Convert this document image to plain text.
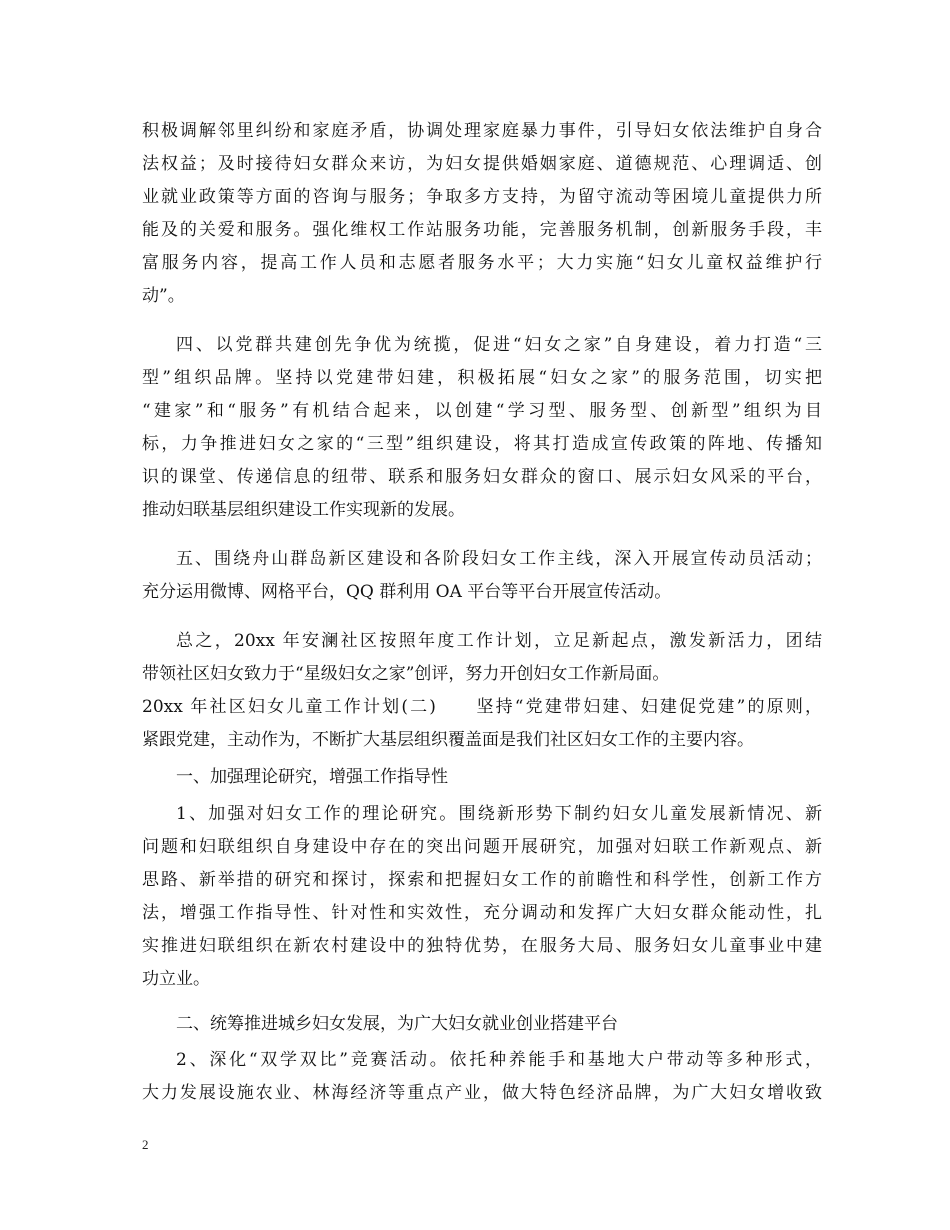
积极调解邻里纠纷和家庭矛盾，协调处理家庭暴力事件，引导妇女依法维护自身合
法权益；及时接待妇女群众来访，为妇女提供婚姻家庭、道德规范、心理调适、创
业就业政策等方面的咨询与服务；争取多方支持，为留守流动等困境儿童提供力所
能及的关爱和服务。强化维权工作站服务功能，完善服务机制，创新服务手段，丰
富服务内容，提高工作人员和志愿者服务水平；大力实施“妇女儿童权益维护行
动”。
四、以党群共建创先争优为统揽，促进“妇女之家”自身建设，着力打造“三
型”组织品牌。坚持以党建带妇建，积极拓展“妇女之家”的服务范围，切实把
“建家”和“服务”有机结合起来，以创建“学习型、服务型、创新型”组织为目
标，力争推进妇女之家的“三型”组织建设，将其打造成宣传政策的阵地、传播知
识的课堂、传递信息的纽带、联系和服务妇女群众的窗口、展示妇女风采的平台，
推动妇联基层组织建设工作实现新的发展。
五、围绕舟山群岛新区建设和各阶段妇女工作主线，深入开展宣传动员活动；
充分运用微博、网格平台，QQ 群利用 OA 平台等平台开展宣传活动。
总之，20xx 年安澜社区按照年度工作计划，立足新起点，激发新活力，团结
带领社区妇女致力于“星级妇女之家”创评，努力开创妇女工作新局面。
20xx 年社区妇女儿童工作计划(二)　　坚持“党建带妇建、妇建促党建”的原则，
紧跟党建，主动作为，不断扩大基层组织覆盖面是我们社区妇女工作的主要内容。
一、加强理论研究，增强工作指导性
1、加强对妇女工作的理论研究。围绕新形势下制约妇女儿童发展新情况、新
问题和妇联组织自身建设中存在的突出问题开展研究，加强对妇联工作新观点、新
思路、新举措的研究和探讨，探索和把握妇女工作的前瞻性和科学性，创新工作方
法，增强工作指导性、针对性和实效性，充分调动和发挥广大妇女群众能动性，扎
实推进妇联组织在新农村建设中的独特优势，在服务大局、服务妇女儿童事业中建
功立业。
二、统筹推进城乡妇女发展，为广大妇女就业创业搭建平台
2、深化“双学双比”竞赛活动。依托种养能手和基地大户带动等多种形式，
大力发展设施农业、林海经济等重点产业，做大特色经济品牌，为广大妇女增收致
2
